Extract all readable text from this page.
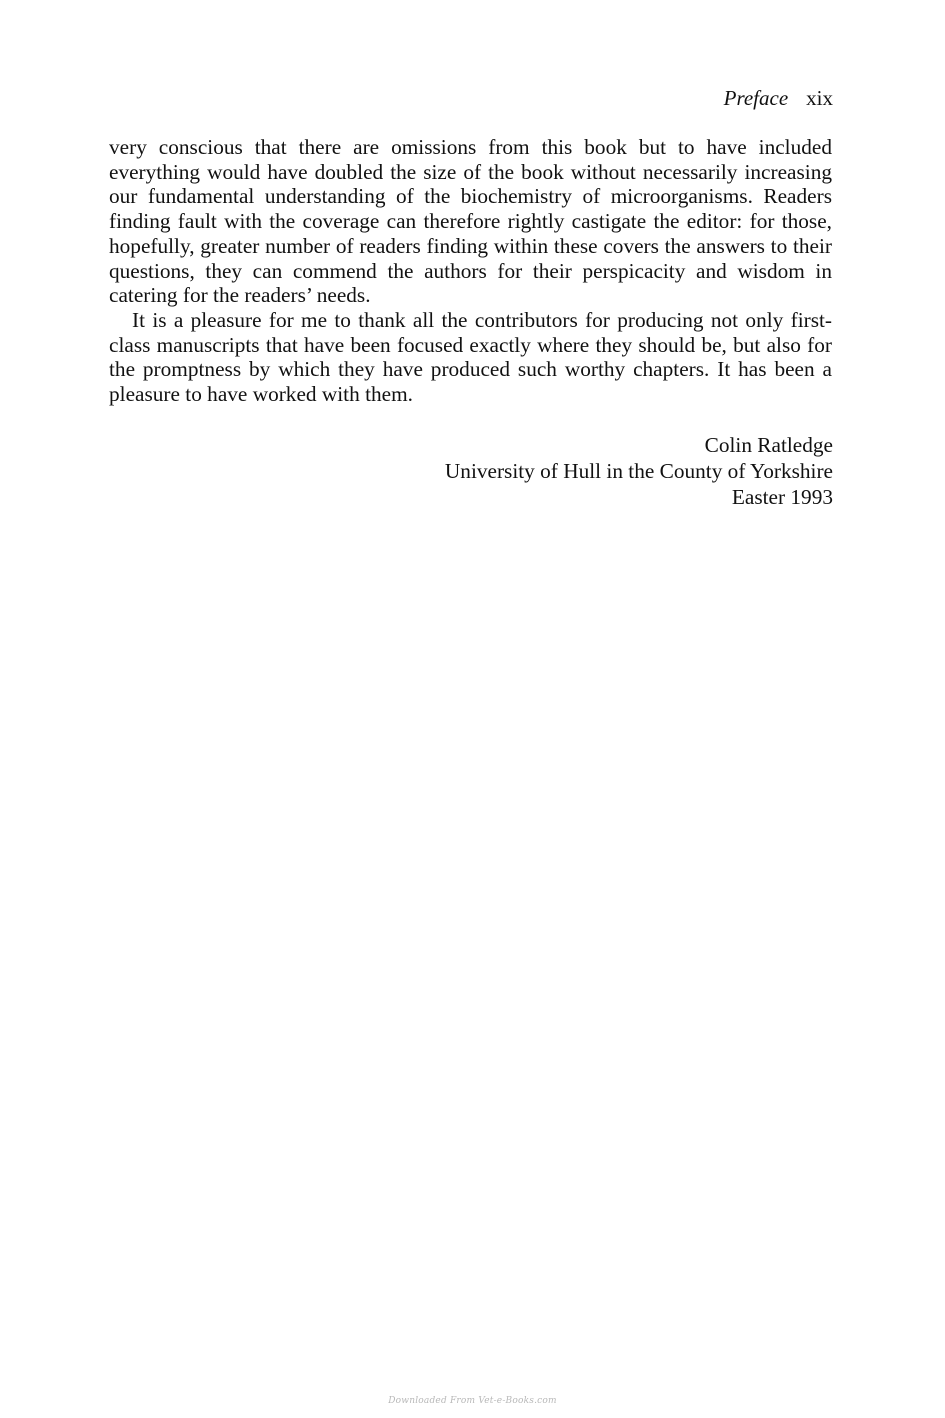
Preface xix

very conscious that there are omissions from this book but to have included everything would have doubled the size of the book without necessarily increasing our fundamental understanding of the biochemistry of microorganisms. Readers finding fault with the coverage can therefore rightly castigate the editor: for those, hopefully, greater number of readers finding within these covers the answers to their questions, they can commend the authors for their perspicacity and wisdom in catering for the readers’ needs.

It is a pleasure for me to thank all the contributors for producing not only first-class manuscripts that have been focused exactly where they should be, but also for the promptness by which they have produced such worthy chapters. It has been a pleasure to have worked with them.

Colin Ratledge
University of Hull in the County of Yorkshire
Easter 1993
Downloaded From Vet-e-Books.com
